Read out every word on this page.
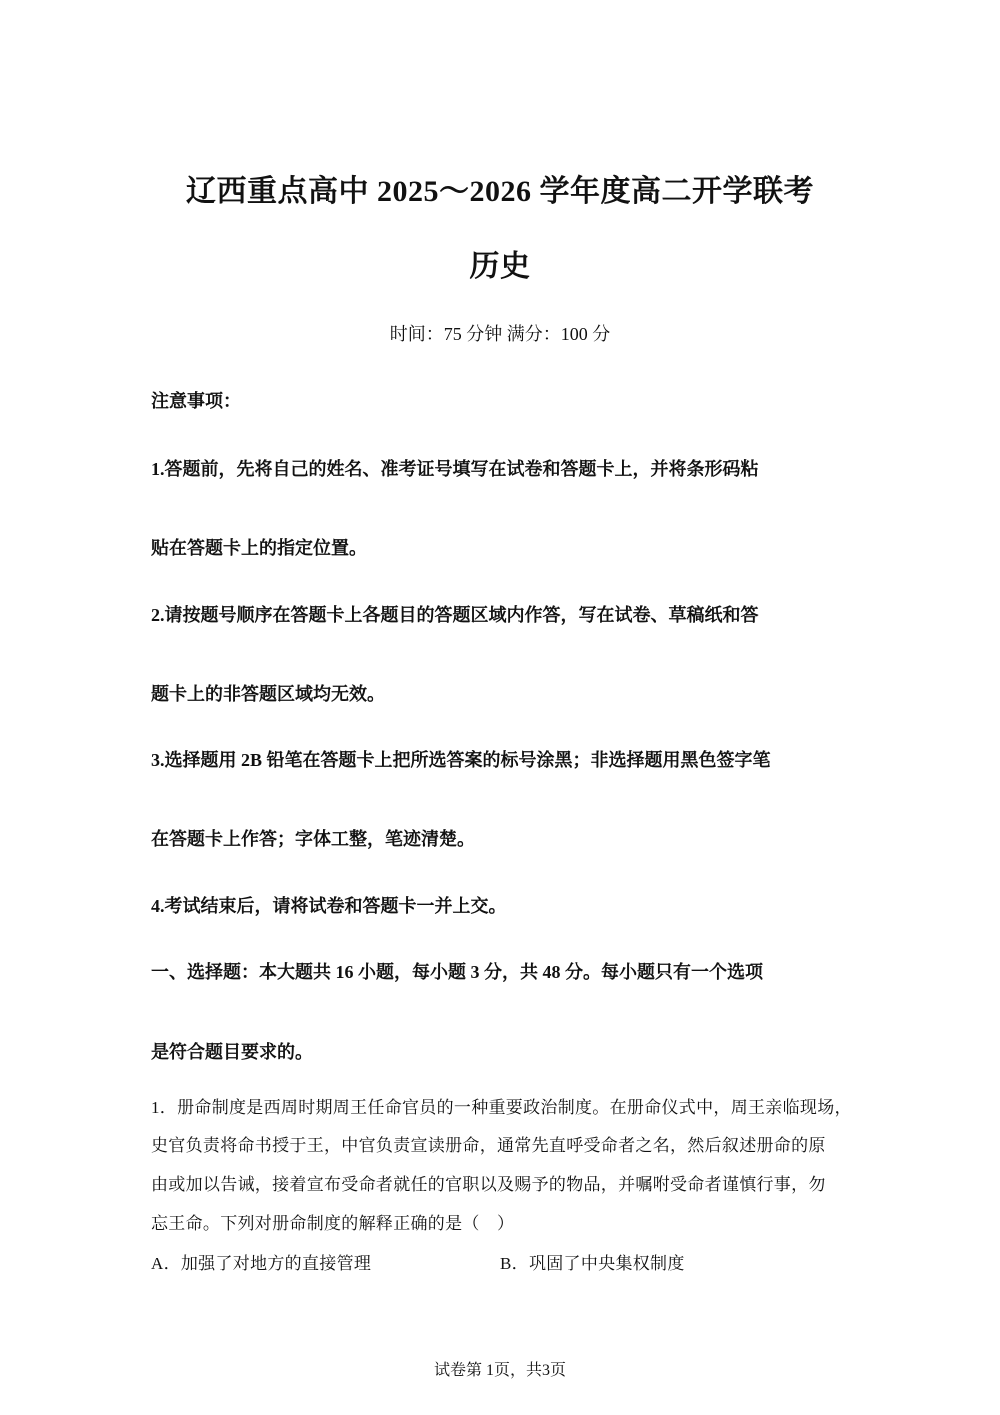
辽西重点高中 2025～2026 学年度高二开学联考
历史
时间：75 分钟 满分：100 分
注意事项：
1.答题前，先将自己的姓名、准考证号填写在试卷和答题卡上，并将条形码粘
贴在答题卡上的指定位置。
2.请按题号顺序在答题卡上各题目的答题区域内作答，写在试卷、草稿纸和答
题卡上的非答题区域均无效。
3.选择题用 2B 铅笔在答题卡上把所选答案的标号涂黑；非选择题用黑色签字笔
在答题卡上作答；字体工整，笔迹清楚。
4.考试结束后，请将试卷和答题卡一并上交。
一、选择题：本大题共 16 小题，每小题 3 分，共 48 分。每小题只有一个选项
是符合题目要求的。
1．册命制度是西周时期周王任命官员的一种重要政治制度。在册命仪式中，周王亲临现场，
史官负责将命书授于王，中官负责宣读册命，通常先直呼受命者之名，然后叙述册命的原
由或加以告诫，接着宣布受命者就任的官职以及赐予的物品，并嘱咐受命者谨慎行事，勿
忘王命。下列对册命制度的解释正确的是（　）
A．加强了对地方的直接管理	B．巩固了中央集权制度
试卷第 1页，共3页
